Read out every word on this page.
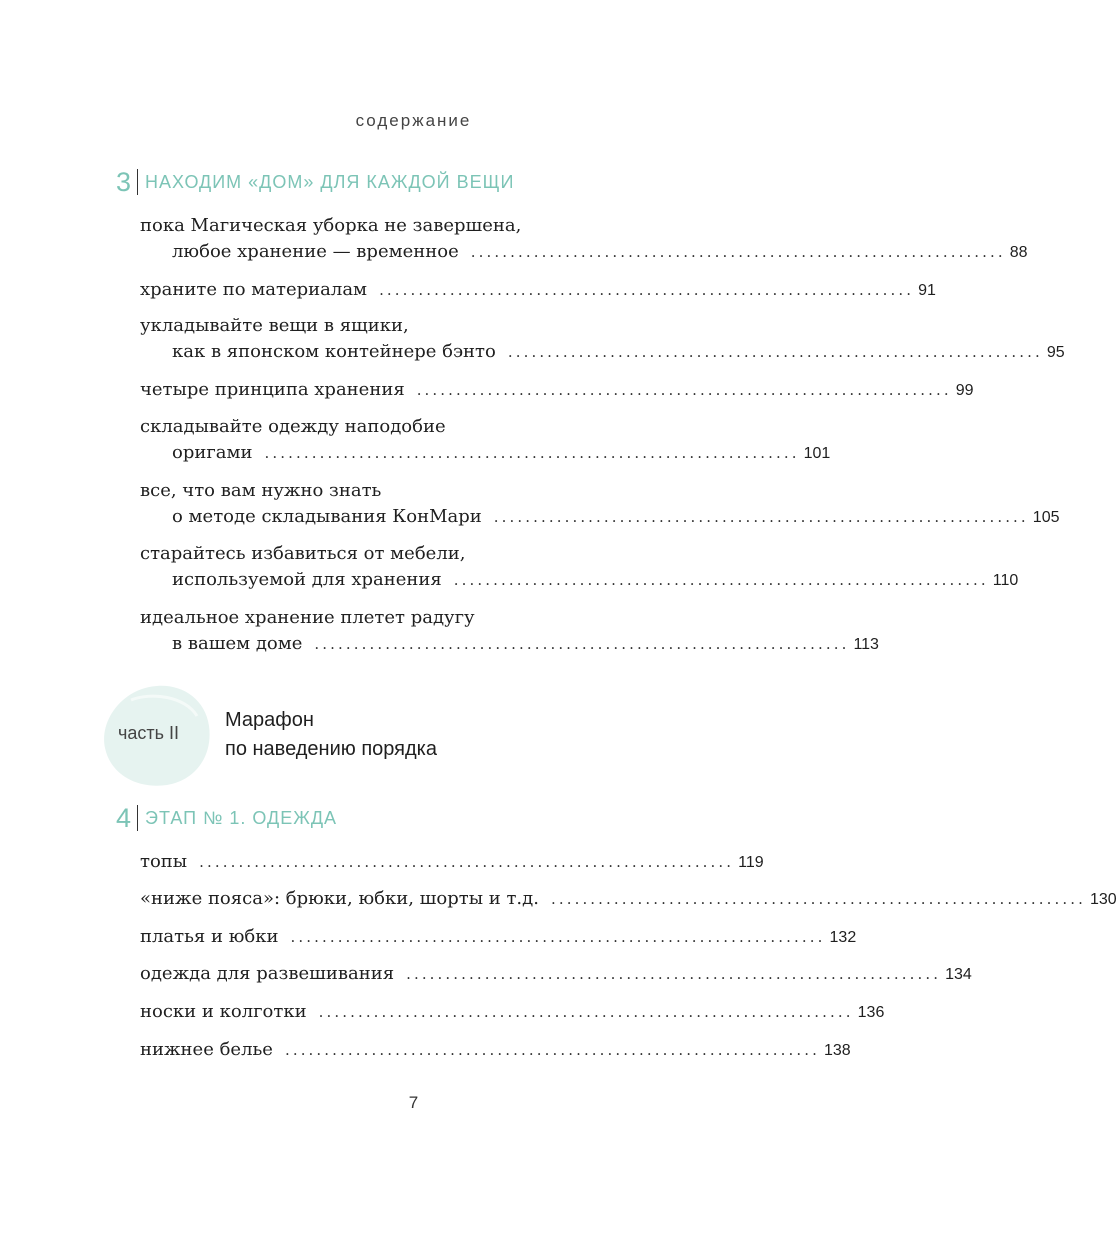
содержание
3 НАХОДИМ «ДОМ» ДЛЯ КАЖДОЙ ВЕЩИ
пока Магическая уборка не завершена,
любое хранение — временное .................................................................... 88
храните по материалам .................................................................... 91
укладывайте вещи в ящики,
как в японском контейнере бэнто .................................................................... 95
четыре принципа хранения .................................................................... 99
складывайте одежду наподобие
оригами .................................................................... 101
все, что вам нужно знать
о методе складывания КонМари .................................................................... 105
старайтесь избавиться от мебели,
используемой для хранения .................................................................... 110
идеальное хранение плетет радугу
в вашем доме .................................................................... 113
часть II
Марафон
по наведению порядка
4 ЭТАП № 1. ОДЕЖДА
топы .................................................................... 119
«ниже пояса»: брюки, юбки, шорты и т.д. .................................................................... 130
платья и юбки .................................................................... 132
одежда для развешивания .................................................................... 134
носки и колготки .................................................................... 136
нижнее белье .................................................................... 138
7
